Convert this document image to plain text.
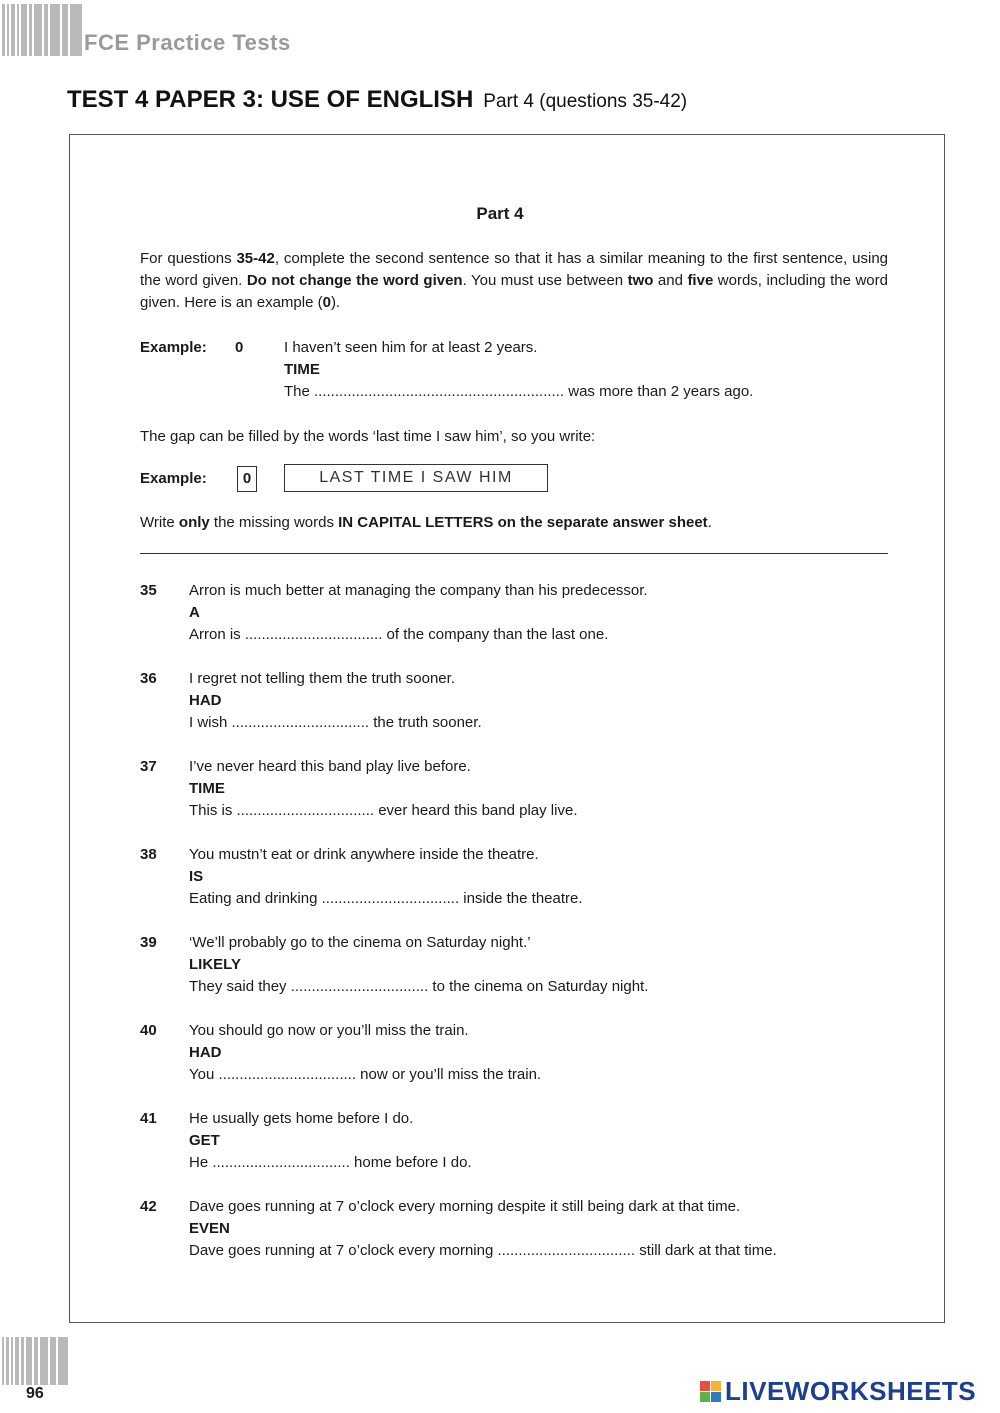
FCE Practice Tests
TEST 4 PAPER 3: USE OF ENGLISH Part 4 (questions 35-42)
Part 4
For questions 35-42, complete the second sentence so that it has a similar meaning to the first sentence, using the word given. Do not change the word given. You must use between two and five words, including the word given. Here is an example (0).
Example: 0	I haven’t seen him for at least 2 years.
TIME
The ............................................................ was more than 2 years ago.
The gap can be filled by the words ‘last time I saw him’, so you write:
Example:	0	LAST TIME I SAW HIM
Write only the missing words IN CAPITAL LETTERS on the separate answer sheet.
35 Arron is much better at managing the company than his predecessor.
A
Arron is ................................. of the company than the last one.
36 I regret not telling them the truth sooner.
HAD
I wish ................................. the truth sooner.
37 I’ve never heard this band play live before.
TIME
This is ................................. ever heard this band play live.
38 You mustn’t eat or drink anywhere inside the theatre.
IS
Eating and drinking ................................. inside the theatre.
39 ‘We’ll probably go to the cinema on Saturday night.’
LIKELY
They said they ................................. to the cinema on Saturday night.
40 You should go now or you’ll miss the train.
HAD
You ................................. now or you’ll miss the train.
41 He usually gets home before I do.
GET
He ................................. home before I do.
42 Dave goes running at 7 o’clock every morning despite it still being dark at that time.
EVEN
Dave goes running at 7 o’clock every morning ................................. still dark at that time.
96	LIVEWORKSHEETS
